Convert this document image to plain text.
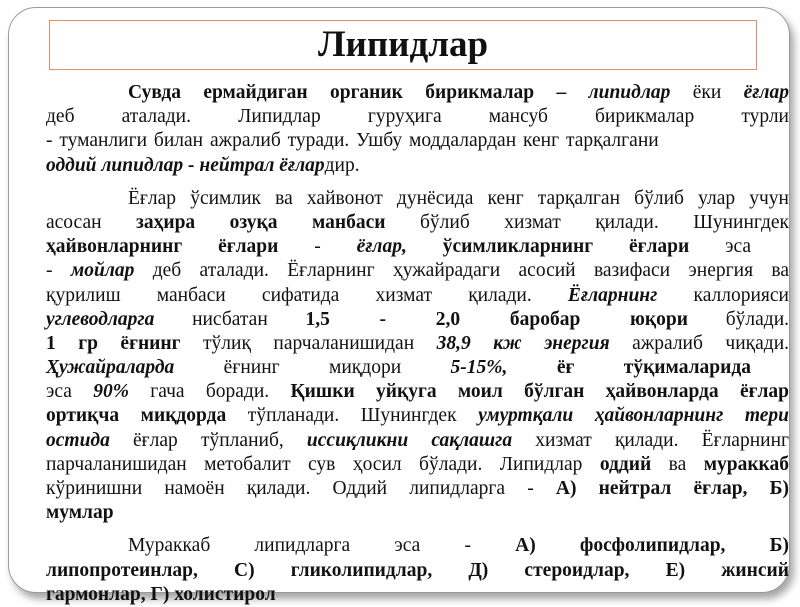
Липидлар
Сувда ермайдиган органик бирикмалар – липидлар ёки ёғлар
деб аталади. Липидлар гуруҳига мансуб бирикмалар турли
- туманлиги билан ажралиб туради. Ушбу моддалардан кенг тарқалгани
оддий липидлар - нейтрал ёғлардир.
Ёғлар ўсимлик ва хайвонот дунёсида кенг тарқалган бўлиб улар учун
асосан заҳира озуқа манбаси бўлиб хизмат қилади. Шунингдек
ҳайвонларнинг ёғлари - ёғлар, ўсимликларнинг ёғлари эса
- мойлар деб аталади. Ёғларнинг ҳужайрадаги асосий вазифаси энергия ва
қурилиш манбаси сифатида хизмат қилади. Ёғларнинг каллорияси
углеводларга нисбатан 1,5 - 2,0 баробар юқори бўлади.
1 гр ёғнинг тўлиқ парчаланишидан 38,9 кж энергия ажралиб чиқади.
Ҳужайраларда	ёғнинг миқдори	5-15%,	ёғ тўқималарида
эса 90% гача боради. Қишки уйқуга моил бўлган ҳайвонларда ёғлар
ортиқча миқдорда тўпланади. Шунингдек умуртқали ҳайвонларнинг тери
остида ёғлар тўпланиб, иссиқликни сақлашга хизмат қилади. Ёғларнинг
парчаланишидан метобалит сув ҳосил бўлади. Липидлар оддий ва мураккаб
кўринишни намоён қилади. Оддий липидларга - А) нейтрал ёғлар, Б)
мумлар
Мураккаб липидларга эса - А) фосфолипидлар, Б)
липопротеинлар, С) гликолипидлар, Д) стероидлар, Е) жинсий
гармонлар, Г) холистирол
